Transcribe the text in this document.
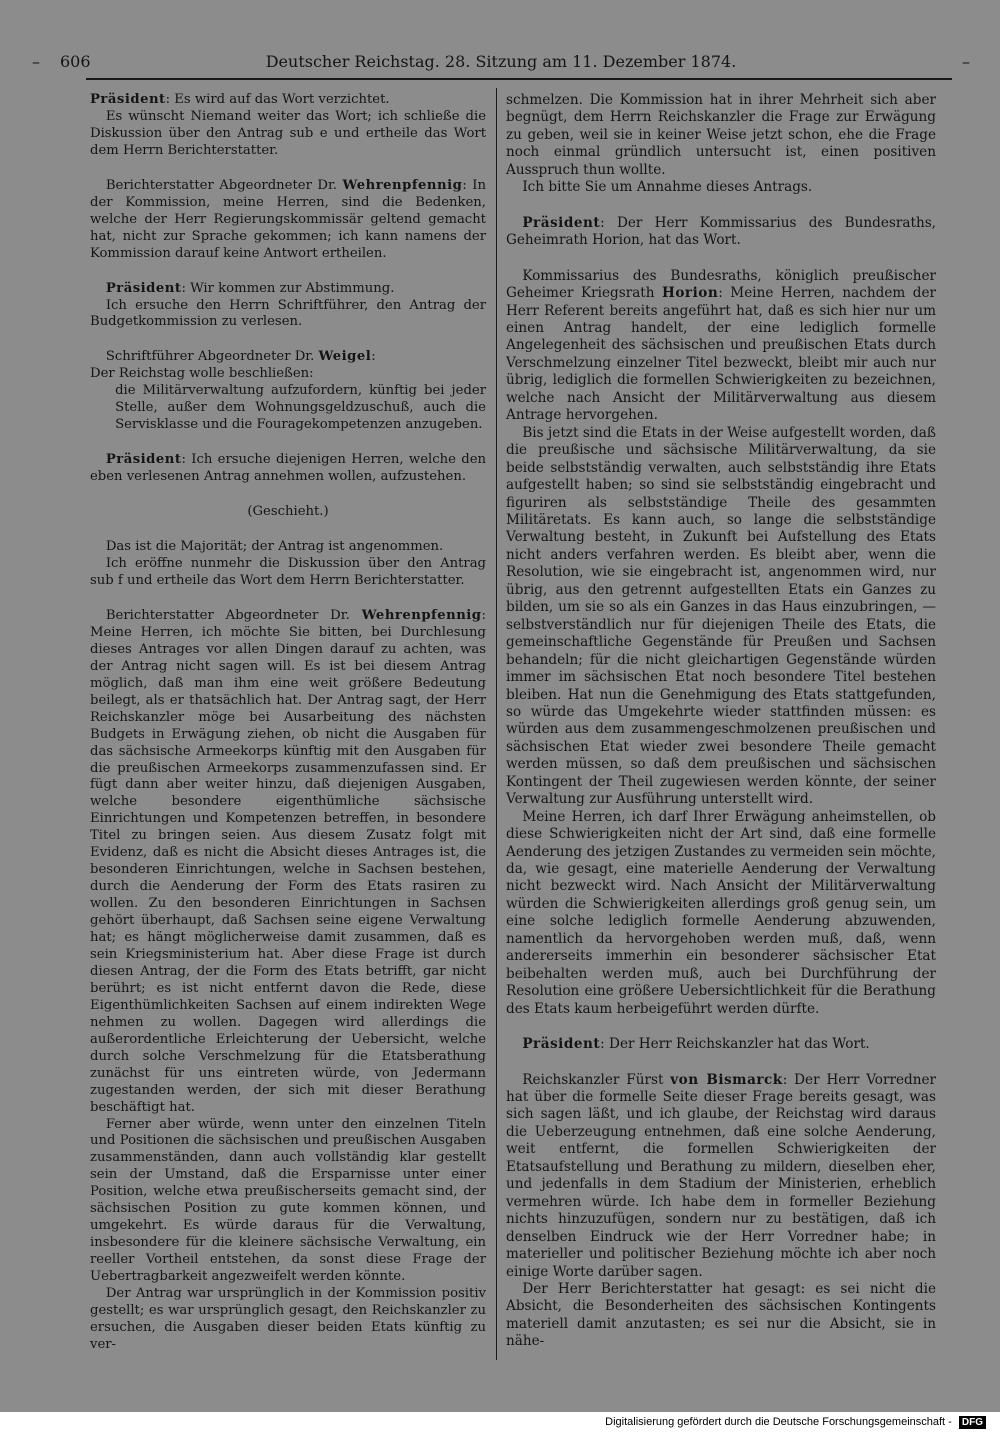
– 606	Deutscher Reichstag. 28. Sitzung am 11. Dezember 1874.	–

Präsident: Es wird auf das Wort verzichtet.

Es wünscht Niemand weiter das Wort; ich schließe die Diskussion über den Antrag sub e und ertheile das Wort dem Herrn Berichterstatter.

Berichterstatter Abgeordneter Dr. Wehrenpfennig: In der Kommission, meine Herren, sind die Bedenken, welche der Herr Regierungskommissär geltend gemacht hat, nicht zur Sprache gekommen; ich kann namens der Kommission darauf keine Antwort ertheilen.

Präsident: Wir kommen zur Abstimmung.

Ich ersuche den Herrn Schriftführer, den Antrag der Budgetkommission zu verlesen.

Schriftführer Abgeordneter Dr. Weigel:

Der Reichstag wolle beschließen:

die Militärverwaltung aufzufordern, künftig bei jeder Stelle, außer dem Wohnungsgeldzuschuß, auch die Servisklasse und die Fouragekompetenzen anzugeben.

Präsident: Ich ersuche diejenigen Herren, welche den eben verlesenen Antrag annehmen wollen, aufzustehen.

(Geschieht.)

Das ist die Majorität; der Antrag ist angenommen.

Ich eröffne nunmehr die Diskussion über den Antrag sub f und ertheile das Wort dem Herrn Berichterstatter.

Berichterstatter Abgeordneter Dr. Wehrenpfennig: Meine Herren, ich möchte Sie bitten, bei Durchlesung dieses Antrages vor allen Dingen darauf zu achten, was der Antrag nicht sagen will. Es ist bei diesem Antrag möglich, daß man ihm eine weit größere Bedeutung beilegt, als er thatsächlich hat. Der Antrag sagt, der Herr Reichskanzler möge bei Ausarbeitung des nächsten Budgets in Erwägung ziehen, ob nicht die Ausgaben für das sächsische Armeekorps künftig mit den Ausgaben für die preußischen Armeekorps zusammenzufassen sind. Er fügt dann aber weiter hinzu, daß diejenigen Ausgaben, welche besondere eigenthümliche sächsische Einrichtungen und Kompetenzen betreffen, in besondere Titel zu bringen seien. Aus diesem Zusatz folgt mit Evidenz, daß es nicht die Absicht dieses Antrages ist, die besonderen Einrichtungen, welche in Sachsen bestehen, durch die Aenderung der Form des Etats rasiren zu wollen. Zu den besonderen Einrichtungen in Sachsen gehört überhaupt, daß Sachsen seine eigene Verwaltung hat; es hängt möglicherweise damit zusammen, daß es sein Kriegsministerium hat. Aber diese Frage ist durch diesen Antrag, der die Form des Etats betrifft, gar nicht berührt; es ist nicht entfernt davon die Rede, diese Eigenthümlichkeiten Sachsen auf einem indirekten Wege nehmen zu wollen. Dagegen wird allerdings die außerordentliche Erleichterung der Uebersicht, welche durch solche Verschmelzung für die Etatsberathung zunächst für uns eintreten würde, von Jedermann zugestanden werden, der sich mit dieser Berathung beschäftigt hat.

Ferner aber würde, wenn unter den einzelnen Titeln und Positionen die sächsischen und preußischen Ausgaben zusammenständen, dann auch vollständig klar gestellt sein der Umstand, daß die Ersparnisse unter einer Position, welche etwa preußischerseits gemacht sind, der sächsischen Position zu gute kommen können, und umgekehrt. Es würde daraus für die Verwaltung, insbesondere für die kleinere sächsische Verwaltung, ein reeller Vortheil entstehen, da sonst diese Frage der Uebertragbarkeit angezweifelt werden könnte.

Der Antrag war ursprünglich in der Kommission positiv gestellt; es war ursprünglich gesagt, den Reichskanzler zu ersuchen, die Ausgaben dieser beiden Etats künftig zu ver-

schmelzen. Die Kommission hat in ihrer Mehrheit sich aber begnügt, dem Herrn Reichskanzler die Frage zur Erwägung zu geben, weil sie in keiner Weise jetzt schon, ehe die Frage noch einmal gründlich untersucht ist, einen positiven Ausspruch thun wollte.

Ich bitte Sie um Annahme dieses Antrags.

Präsident: Der Herr Kommissarius des Bundesraths, Geheimrath Horion, hat das Wort.

Kommissarius des Bundesraths, königlich preußischer Geheimer Kriegsrath Horion: Meine Herren, nachdem der Herr Referent bereits angeführt hat, daß es sich hier nur um einen Antrag handelt, der eine lediglich formelle Angelegenheit des sächsischen und preußischen Etats durch Verschmelzung einzelner Titel bezweckt, bleibt mir auch nur übrig, lediglich die formellen Schwierigkeiten zu bezeichnen, welche nach Ansicht der Militärverwaltung aus diesem Antrage hervorgehen.

Bis jetzt sind die Etats in der Weise aufgestellt worden, daß die preußische und sächsische Militärverwaltung, da sie beide selbstständig verwalten, auch selbstständig ihre Etats aufgestellt haben; so sind sie selbstständig eingebracht und figuriren als selbstständige Theile des gesammten Militäretats. Es kann auch, so lange die selbstständige Verwaltung besteht, in Zukunft bei Aufstellung des Etats nicht anders verfahren werden. Es bleibt aber, wenn die Resolution, wie sie eingebracht ist, angenommen wird, nur übrig, aus den getrennt aufgestellten Etats ein Ganzes zu bilden, um sie so als ein Ganzes in das Haus einzubringen, — selbstverständlich nur für diejenigen Theile des Etats, die gemeinschaftliche Gegenstände für Preußen und Sachsen behandeln; für die nicht gleichartigen Gegenstände würden immer im sächsischen Etat noch besondere Titel bestehen bleiben. Hat nun die Genehmigung des Etats stattgefunden, so würde das Umgekehrte wieder stattfinden müssen: es würden aus dem zusammengeschmolzenen preußischen und sächsischen Etat wieder zwei besondere Theile gemacht werden müssen, so daß dem preußischen und sächsischen Kontingent der Theil zugewiesen werden könnte, der seiner Verwaltung zur Ausführung unterstellt wird.

Meine Herren, ich darf Ihrer Erwägung anheimstellen, ob diese Schwierigkeiten nicht der Art sind, daß eine formelle Aenderung des jetzigen Zustandes zu vermeiden sein möchte, da, wie gesagt, eine materielle Aenderung der Verwaltung nicht bezweckt wird. Nach Ansicht der Militärverwaltung würden die Schwierigkeiten allerdings groß genug sein, um eine solche lediglich formelle Aenderung abzuwenden, namentlich da hervorgehoben werden muß, daß, wenn andererseits immerhin ein besonderer sächsischer Etat beibehalten werden muß, auch bei Durchführung der Resolution eine größere Uebersichtlichkeit für die Berathung des Etats kaum herbeigeführt werden dürfte.

Präsident: Der Herr Reichskanzler hat das Wort.

Reichskanzler Fürst von Bismarck: Der Herr Vorredner hat über die formelle Seite dieser Frage bereits gesagt, was sich sagen läßt, und ich glaube, der Reichstag wird daraus die Ueberzeugung entnehmen, daß eine solche Aenderung, weit entfernt, die formellen Schwierigkeiten der Etatsaufstellung und Berathung zu mildern, dieselben eher, und jedenfalls in dem Stadium der Ministerien, erheblich vermehren würde. Ich habe dem in formeller Beziehung nichts hinzuzufügen, sondern nur zu bestätigen, daß ich denselben Eindruck wie der Herr Vorredner habe; in materieller und politischer Beziehung möchte ich aber noch einige Worte darüber sagen.

Der Herr Berichterstatter hat gesagt: es sei nicht die Absicht, die Besonderheiten des sächsischen Kontingents materiell damit anzutasten; es sei nur die Absicht, sie in nähe-

Digitalisierung gefördert durch die Deutsche Forschungsgemeinschaft - DFG
